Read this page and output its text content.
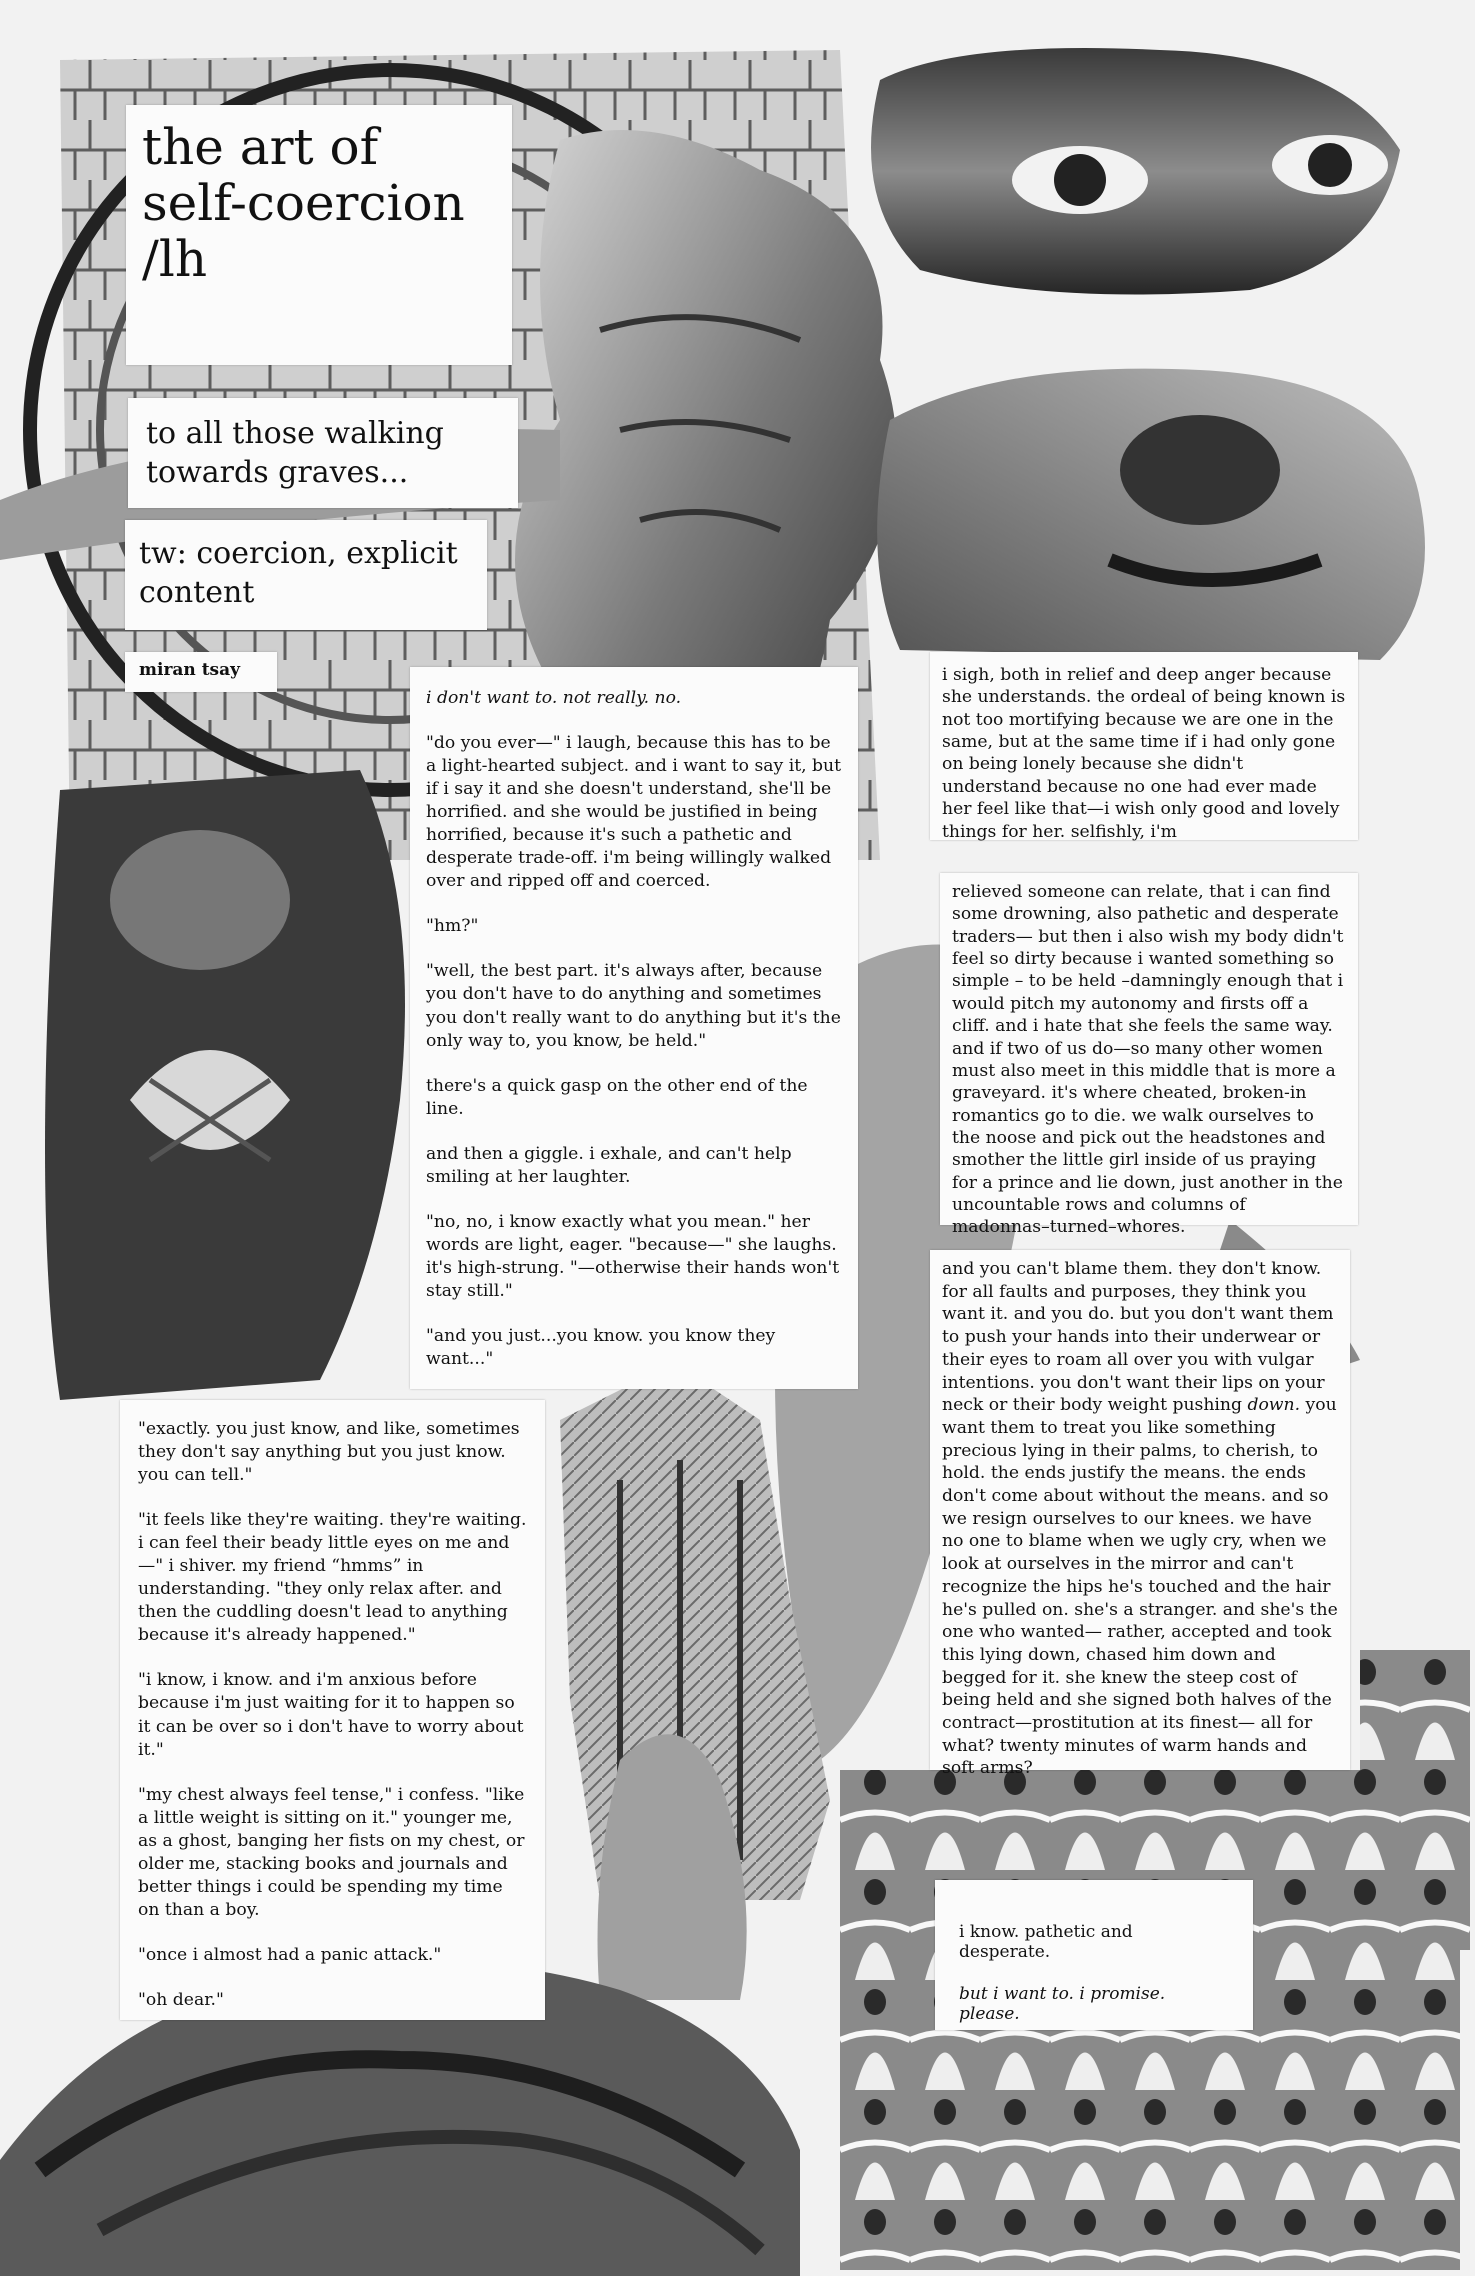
the art of
self-coercion
/lh
to all those walking towards graves...
tw: coercion, explicit content
miran tsay

i don't want to. not really. no.

"do you ever—" i laugh, because this has to be a light-hearted subject. and i want to say it, but if i say it and she doesn't understand, she'll be horrified. and she would be justified in being horrified, because it's such a pathetic and desperate trade-off. i'm being willingly walked over and ripped off and coerced.

"hm?"

"well, the best part. it's always after, because you don't have to do anything and sometimes you don't really want to do anything but it's the only way to, you know, be held."

there's a quick gasp on the other end of the line.

and then a giggle. i exhale, and can't help smiling at her laughter.

"no, no, i know exactly what you mean." her words are light, eager. "because—" she laughs. it's high-strung. "—otherwise their hands won't stay still."

"and you just...you know. you know they want..."

"exactly. you just know, and like, sometimes they don't say anything but you just know. you can tell."

"it feels like they're waiting. they're waiting. i can feel their beady little eyes on me and—" i shiver. my friend “hmms” in understanding. "they only relax after. and then the cuddling doesn't lead to anything because it's already happened."

"i know, i know. and i'm anxious before because i'm just waiting for it to happen so it can be over so i don't have to worry about it."

"my chest always feel tense," i confess. "like a little weight is sitting on it." younger me, as a ghost, banging her fists on my chest, or older me, stacking books and journals and better things i could be spending my time on than a boy.

"once i almost had a panic attack."

"oh dear."

i sigh, both in relief and deep anger because she understands. the ordeal of being known is not too mortifying because we are one in the same, but at the same time if i had only gone on being lonely because she didn't understand because no one had ever made her feel like that—i wish only good and lovely things for her. selfishly, i'm
relieved someone can relate, that i can find some drowning, also pathetic and desperate traders— but then i also wish my body didn't feel so dirty because i wanted something so simple – to be held –damningly enough that i would pitch my autonomy and firsts off a cliff. and i hate that she feels the same way. and if two of us do—so many other women must also meet in this middle that is more a graveyard. it's where cheated, broken-in romantics go to die. we walk ourselves to the noose and pick out the headstones and smother the little girl inside of us praying for a prince and lie down, just another in the uncountable rows and columns of madonnas–turned–whores.
and you can't blame them. they don't know. for all faults and purposes, they think you want it. and you do. but you don't want them to push your hands into their underwear or their eyes to roam all over you with vulgar intentions. you don't want their lips on your neck or their body weight pushing down. you want them to treat you like something precious lying in their palms, to cherish, to hold. the ends justify the means. the ends don't come about without the means. and so we resign ourselves to our knees. we have no one to blame when we ugly cry, when we look at ourselves in the mirror and can't recognize the hips he's touched and the hair he's pulled on. she's a stranger. and she's the one who wanted— rather, accepted and took this lying down, chased him down and begged for it. she knew the steep cost of being held and she signed both halves of the contract—prostitution at its finest— all for what? twenty minutes of warm hands and soft arms?
i know. pathetic and desperate.
but i want to. i promise. please.
